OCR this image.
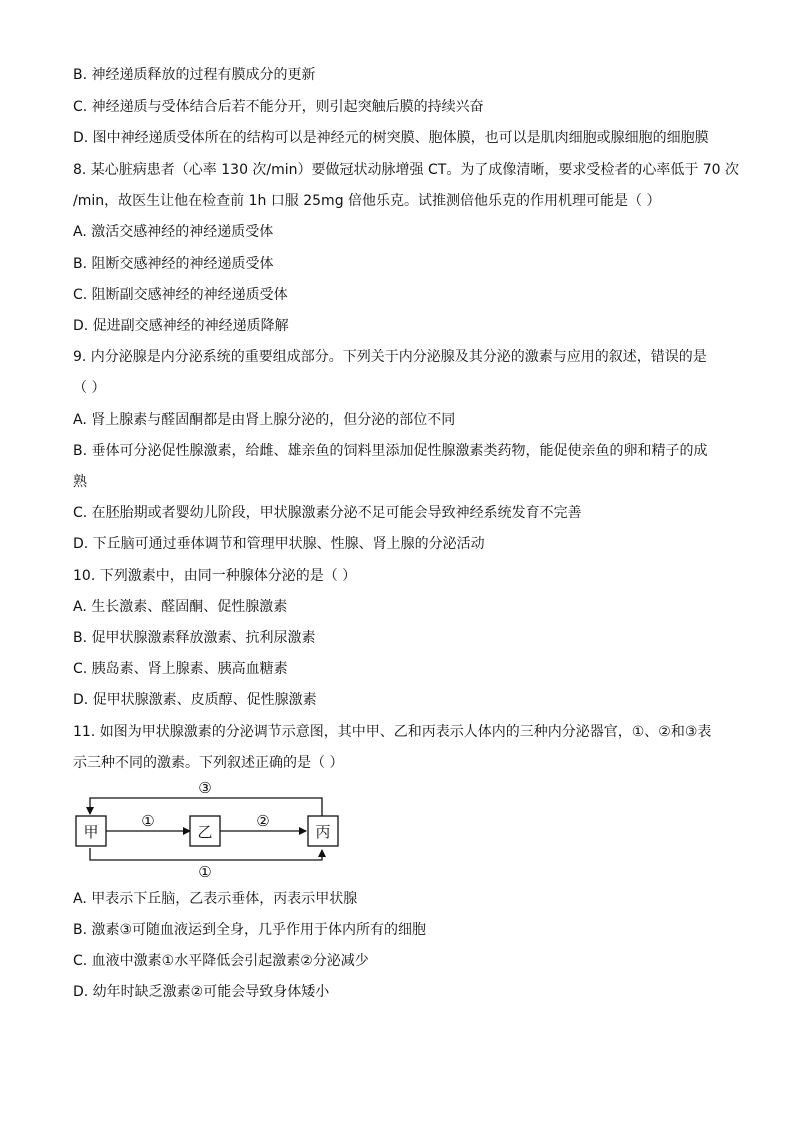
B. 神经递质释放的过程有膜成分的更新
C. 神经递质与受体结合后若不能分开，则引起突触后膜的持续兴奋
D. 图中神经递质受体所在的结构可以是神经元的树突膜、胞体膜，也可以是肌肉细胞或腺细胞的细胞膜
8. 某心脏病患者（心率 130 次/min）要做冠状动脉增强 CT。为了成像清晰，要求受检者的心率低于 70 次
/min，故医生让他在检查前 1h 口服 25mg 倍他乐克。试推测倍他乐克的作用机理可能是（ ）
A. 激活交感神经的神经递质受体
B. 阻断交感神经的神经递质受体
C. 阻断副交感神经的神经递质受体
D. 促进副交感神经的神经递质降解
9. 内分泌腺是内分泌系统的重要组成部分。下列关于内分泌腺及其分泌的激素与应用的叙述，错误的是
（ ）
A. 肾上腺素与醛固酮都是由肾上腺分泌的，但分泌的部位不同
B. 垂体可分泌促性腺激素，给雌、雄亲鱼的饲料里添加促性腺激素类药物，能促使亲鱼的卵和精子的成
熟
C. 在胚胎期或者婴幼儿阶段，甲状腺激素分泌不足可能会导致神经系统发育不完善
D. 下丘脑可通过垂体调节和管理甲状腺、性腺、肾上腺的分泌活动
10. 下列激素中，由同一种腺体分泌的是（ ）
A. 生长激素、醛固酮、促性腺激素
B. 促甲状腺激素释放激素、抗利尿激素
C. 胰岛素、肾上腺素、胰高血糖素
D. 促甲状腺激素、皮质醇、促性腺激素
11. 如图为甲状腺激素的分泌调节示意图，其中甲、乙和丙表示人体内的三种内分泌器官，①、②和③表
示三种不同的激素。下列叙述正确的是（ ）
甲	乙	丙
③
①	②
①
A. 甲表示下丘脑，乙表示垂体，丙表示甲状腺
B. 激素③可随血液运到全身，几乎作用于体内所有的细胞
C. 血液中激素①水平降低会引起激素②分泌减少
D. 幼年时缺乏激素②可能会导致身体矮小
